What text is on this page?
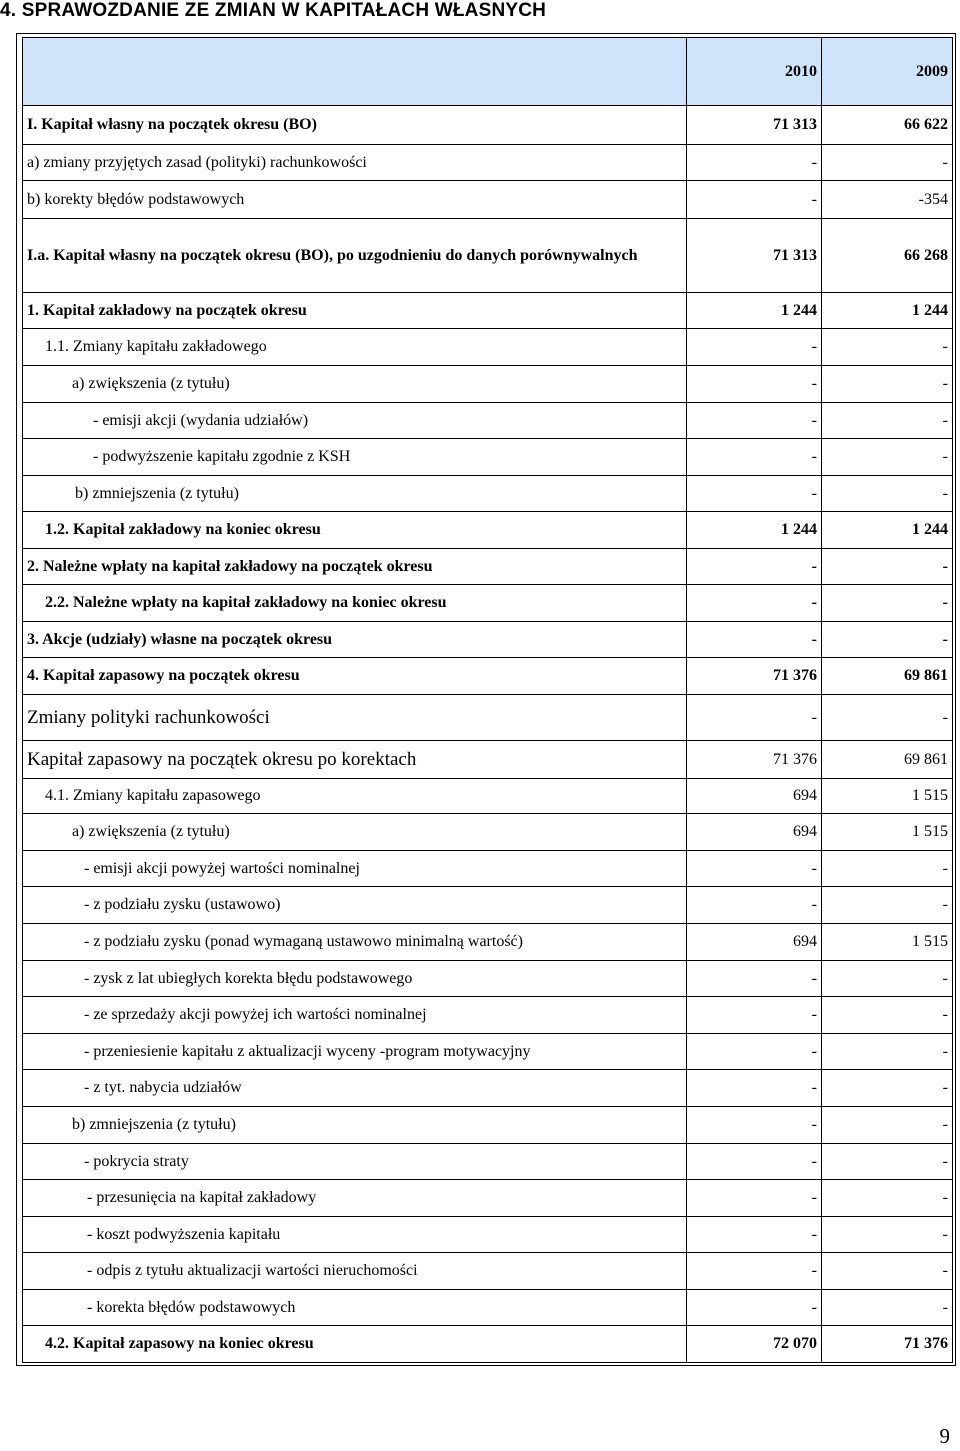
4. SPRAWOZDANIE ZE ZMIAN W KAPITAŁACH WŁASNYCH
	2010	2009
I. Kapitał własny na początek okresu (BO)	71 313	66 622
a) zmiany przyjętych zasad (polityki) rachunkowości	-	-
b) korekty błędów podstawowych	-	-354
I.a. Kapitał własny na początek okresu (BO), po uzgodnieniu do danych porównywalnych	71 313	66 268
1. Kapitał zakładowy na początek okresu	1 244	1 244
1.1. Zmiany kapitału zakładowego	-	-
a) zwiększenia (z tytułu)	-	-
- emisji akcji (wydania udziałów)	-	-
- podwyższenie kapitału zgodnie z KSH	-	-
b) zmniejszenia (z tytułu)	-	-
1.2. Kapitał zakładowy na koniec okresu	1 244	1 244
2. Należne wpłaty na kapitał zakładowy na początek okresu	-	-
2.2. Należne wpłaty na kapitał zakładowy na koniec okresu	-	-
3. Akcje (udziały) własne na początek okresu	-	-
4. Kapitał zapasowy na początek okresu	71 376	69 861
Zmiany polityki rachunkowości	-	-
Kapitał zapasowy na początek okresu po korektach	71 376	69 861
4.1. Zmiany kapitału zapasowego	694	1 515
a) zwiększenia (z tytułu)	694	1 515
- emisji akcji powyżej wartości nominalnej	-	-
- z podziału zysku (ustawowo)	-	-
- z podziału zysku (ponad wymaganą ustawowo minimalną wartość)	694	1 515
- zysk z lat ubiegłych korekta błędu podstawowego	-	-
- ze sprzedaży akcji powyżej ich wartości nominalnej	-	-
- przeniesienie kapitału z aktualizacji wyceny -program motywacyjny	-	-
- z tyt. nabycia udziałów	-	-
b) zmniejszenia (z tytułu)	-	-
- pokrycia straty	-	-
- przesunięcia na kapitał zakładowy	-	-
- koszt podwyższenia kapitału	-	-
- odpis z tytułu aktualizacji wartości nieruchomości	-	-
- korekta błędów podstawowych	-	-
4.2. Kapitał zapasowy na koniec okresu	72 070	71 376
9
